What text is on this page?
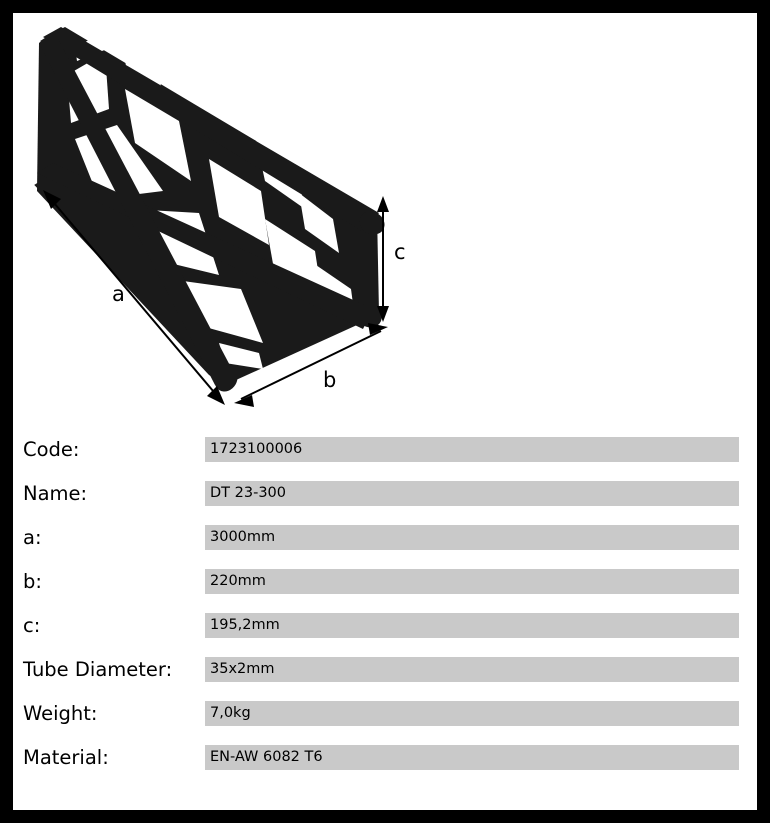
a
b
c
Code:	1723100006
Name:	DT 23-300
a:	3000mm
b:	220mm
c:	195,2mm
Tube Diameter:	35x2mm
Weight:	7,0kg
Material:	EN-AW 6082 T6
